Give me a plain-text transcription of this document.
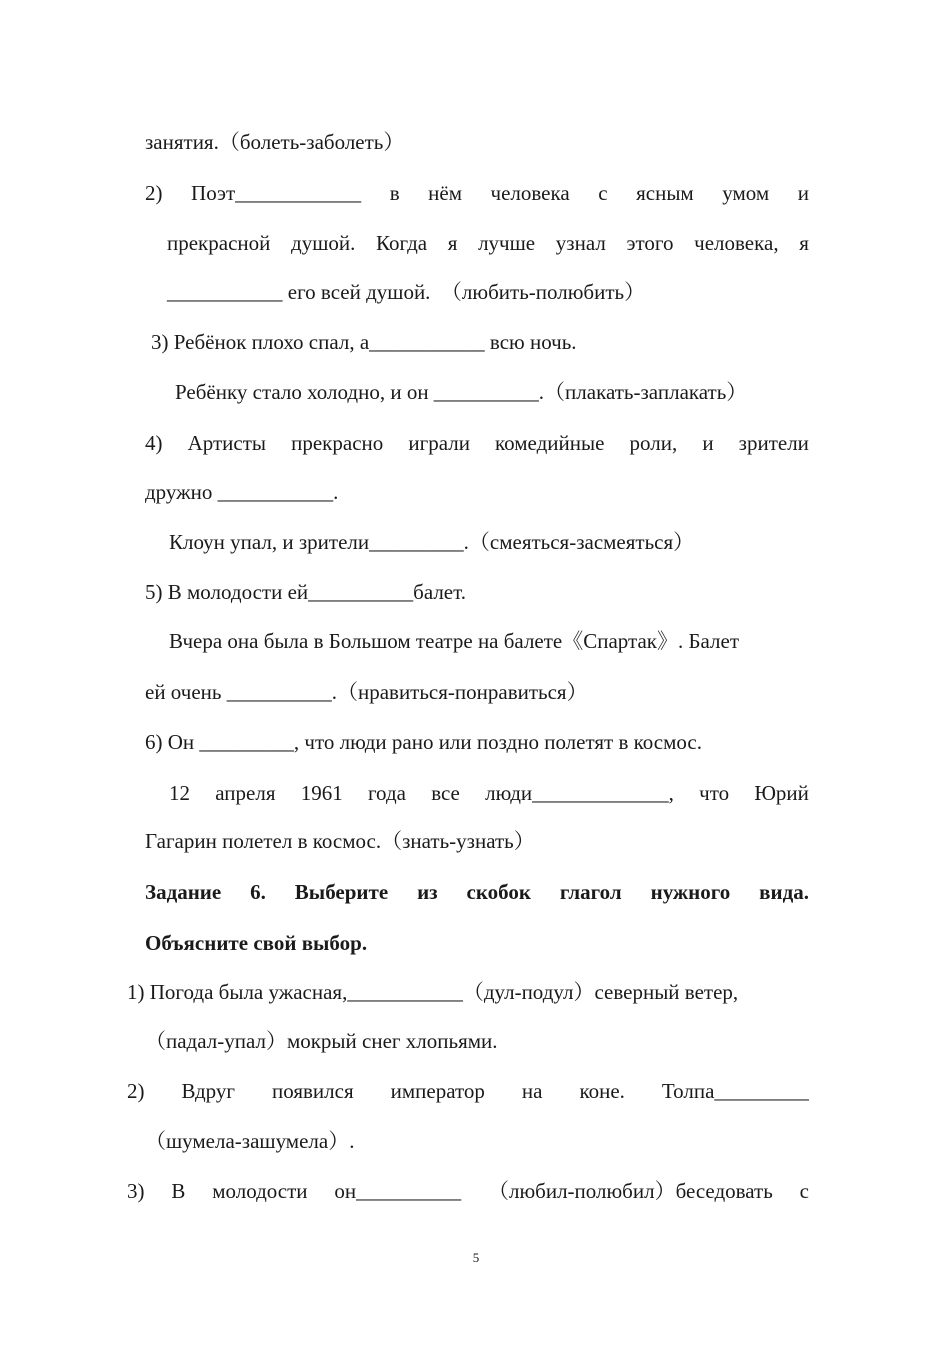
занятия.（болеть-заболеть）
2) Поэт____________ в нём человека с ясным умом и
прекрасной душой. Когда я лучше узнал этого человека, я
___________ его всей душой.  （любить-полюбить）
3) Ребёнок плохо спал, а___________ всю ночь.
Ребёнку стало холодно, и он __________.（плакать-заплакать）
4) Артисты прекрасно играли комедийные роли, и зрители
дружно ___________.
Клоун упал, и зрители_________.（смеяться-засмеяться）
5) В молодости ей__________балет.
Вчера она была в Большом театре на балете《Спартак》. Балет
ей очень __________.（нравиться-понравиться）
6) Он _________, что люди рано или поздно полетят в космос.
12 апреля 1961 года все люди_____________, что Юрий
Гагарин полетел в космос.（знать-узнать）
Задание 6. Выберите из скобок глагол нужного вида.
Объясните свой выбор.
1) Погода была ужасная,___________（дул-подул）северный ветер,
（падал-упал）мокрый снег хлопьями.
2) Вдруг появился император на коне. Толпа_________
（шумела-зашумела）.
3) В молодости он__________ （любил-полюбил）беседовать с
5
